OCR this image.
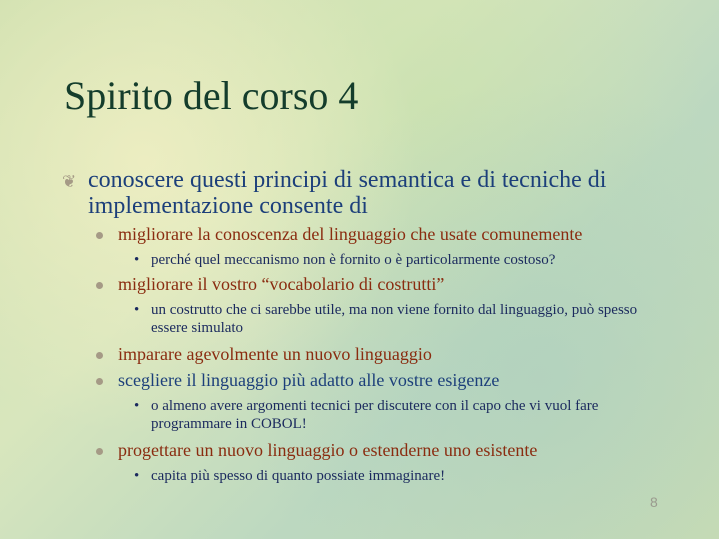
Spirito del corso 4
❦ conoscere questi principi di semantica e di tecniche di implementazione consente di
migliorare la conoscenza del linguaggio che usate comunemente
• perché quel meccanismo non è fornito o è particolarmente costoso?
migliorare il vostro “vocabolario di costrutti”
• un costrutto che ci sarebbe utile, ma non viene fornito dal linguaggio, può spesso essere simulato
imparare agevolmente un nuovo linguaggio
scegliere il linguaggio più adatto alle vostre esigenze
• o almeno avere argomenti tecnici per discutere con il capo che vi vuol fare programmare in COBOL!
progettare un nuovo linguaggio o estenderne uno esistente
• capita più spesso di quanto possiate immaginare!
8
